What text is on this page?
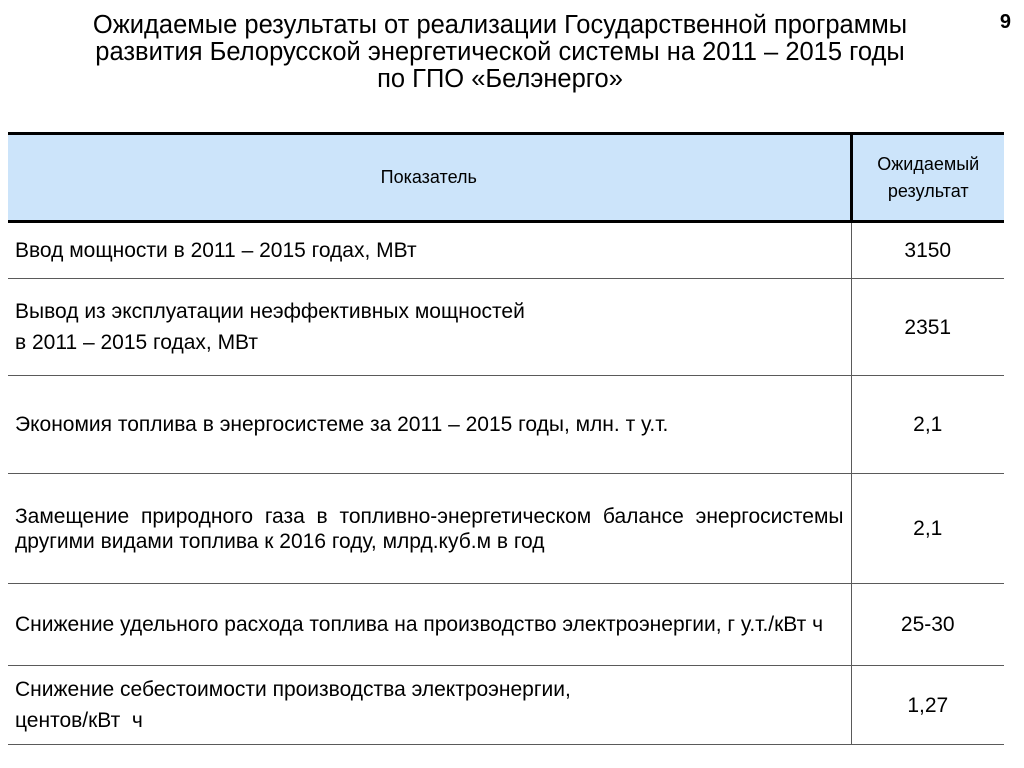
9
Ожидаемые результаты от реализации Государственной программы
развития Белорусской энергетической системы на 2011 – 2015 годы
по ГПО «Белэнерго»
Показатель	Ожидаемый
результат

Ввод мощности в 2011 – 2015 годах, МВт	3150

Вывод из эксплуатации неэффективных мощностей
в 2011 – 2015 годах, МВт	2351

Экономия топлива в энергосистеме за 2011 – 2015 годы, млн. т у.т.	2,1

Замещение природного газа в топливно-энергетическом балансе энергосистемы другими видами топлива к 2016 году, млрд.куб.м в год	2,1

Снижение удельного расхода топлива на производство электроэнергии, г у.т./кВт ч	25-30

Снижение себестоимости производства электроэнергии,
центов/кВт  ч	1,27
